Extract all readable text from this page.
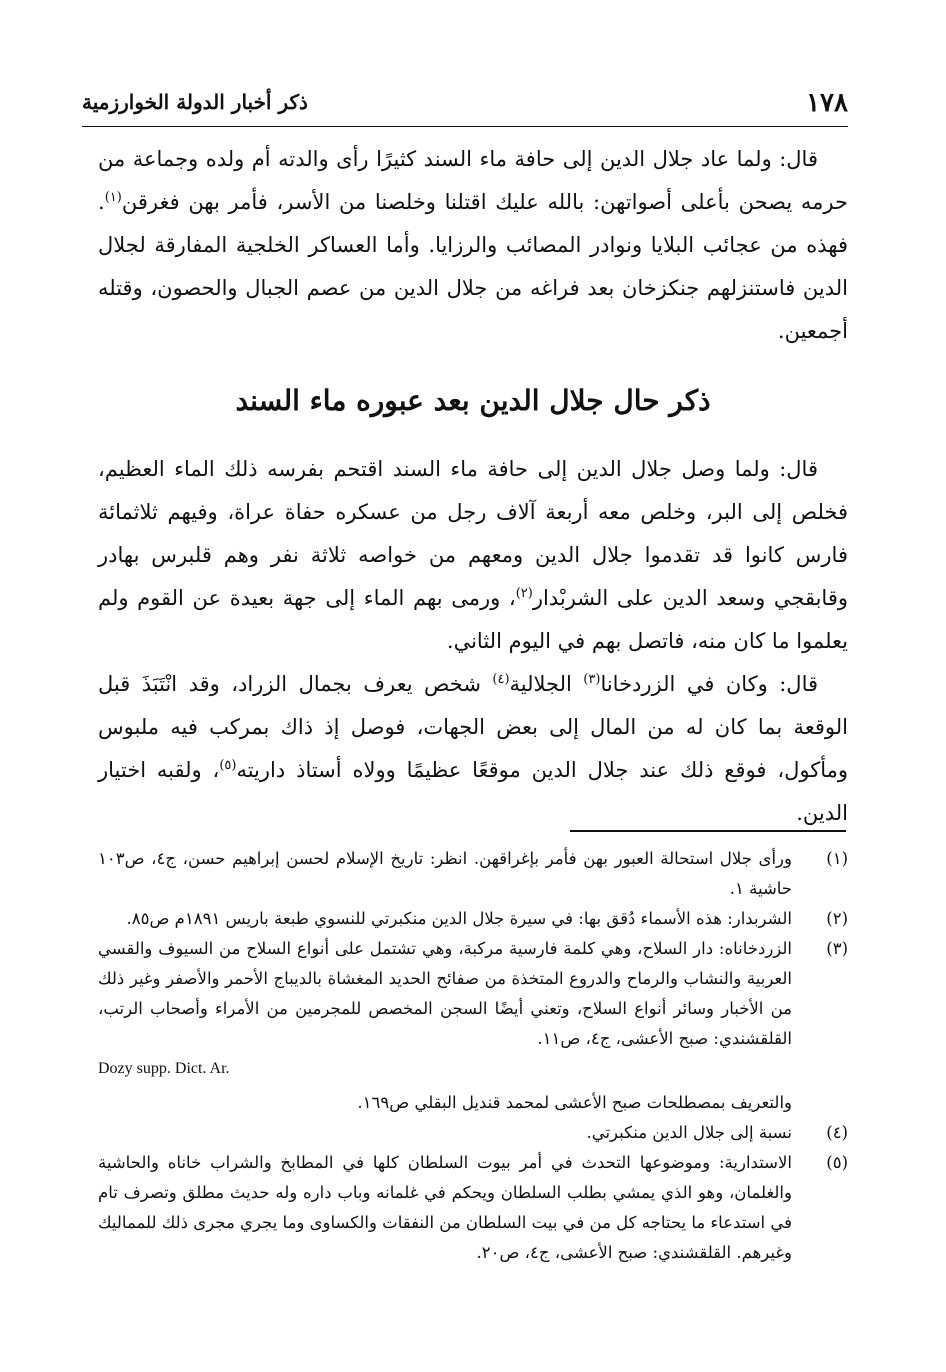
١٧٨
ذكر أخبار الدولة الخوارزمية

قال: ولما عاد جلال الدين إلى حافة ماء السند كثيرًا رأى والدته أم ولده وجماعة من حرمه يصحن بأعلى أصواتهن: بالله عليك اقتلنا وخلصنا من الأسر، فأمر بهن فغرقن$^{(١)}$. فهذه من عجائب البلايا ونوادر المصائب والرزايا. وأما العساكر الخلجية المفارقة لجلال الدين فاستنزلهم جنكزخان بعد فراغه من جلال الدين من عصم الجبال والحصون، وقتله أجمعين.

ذكر حال جلال الدين بعد عبوره ماء السند

قال: ولما وصل جلال الدين إلى حافة ماء السند اقتحم بفرسه ذلك الماء العظيم، فخلص إلى البر، وخلص معه أربعة آلاف رجل من عسكره حفاة عراة، وفيهم ثلاثمائة فارس كانوا قد تقدموا جلال الدين ومعهم من خواصه ثلاثة نفر وهم قلبرس بهادر وقابقجي وسعد الدين على الشربْدار$^{(٢)}$، ورمى بهم الماء إلى جهة بعيدة عن القوم ولم يعلموا ما كان منه، فاتصل بهم في اليوم الثاني.

قال: وكان في الزردخانا$^{(٣)}$ الجلالية$^{(٤)}$ شخص يعرف بجمال الزراد، وقد انْتَبَذَ قبل الوقعة بما كان له من المال إلى بعض الجهات، فوصل إذ ذاك بمركب فيه ملبوس ومأكول، فوقع ذلك عند جلال الدين موقعًا عظيمًا وولاه أستاذ داريته$^{(٥)}$، ولقبه اختيار الدين.

(١)
ورأى جلال استحالة العبور بهن فأمر بإغراقهن. انظر: تاريخ الإسلام لحسن إبراهيم حسن، ج٤، ص١٠٣ حاشية ١.
(٢)
الشربدار: هذه الأسماء دُقق بها: في سيرة جلال الدين منكبرتي للنسوي طبعة باريس ١٨٩١م ص٨٥.
(٣)
الزردخاناه: دار السلاح، وهي كلمة فارسية مركبة، وهي تشتمل على أنواع السلاح من السيوف والقسي العربية والنشاب والرماح والدروع المتخذة من صفائح الحديد المغشاة بالديباج الأحمر والأصفر وغير ذلك من الأخبار وسائر أنواع السلاح، وتعني أيضًا السجن المخصص للمجرمين من الأمراء وأصحاب الرتب، القلقشندي: صبح الأعشى، ج٤، ص١١.
Dozy supp. Dict. Ar.
والتعريف بمصطلحات صبح الأعشى لمحمد قنديل البقلي ص١٦٩.
(٤)
نسبة إلى جلال الدين منكبرتي.
(٥)
الاستدارية: وموضوعها التحدث في أمر بيوت السلطان كلها في المطابخ والشراب خاناه والحاشية والغلمان، وهو الذي يمشي بطلب السلطان ويحكم في غلمانه وباب داره وله حديث مطلق وتصرف تام في استدعاء ما يحتاجه كل من في بيت السلطان من النفقات والكساوى وما يجري مجرى ذلك للمماليك وغيرهم. القلقشندي: صبح الأعشى، ج٤، ص٢٠.
